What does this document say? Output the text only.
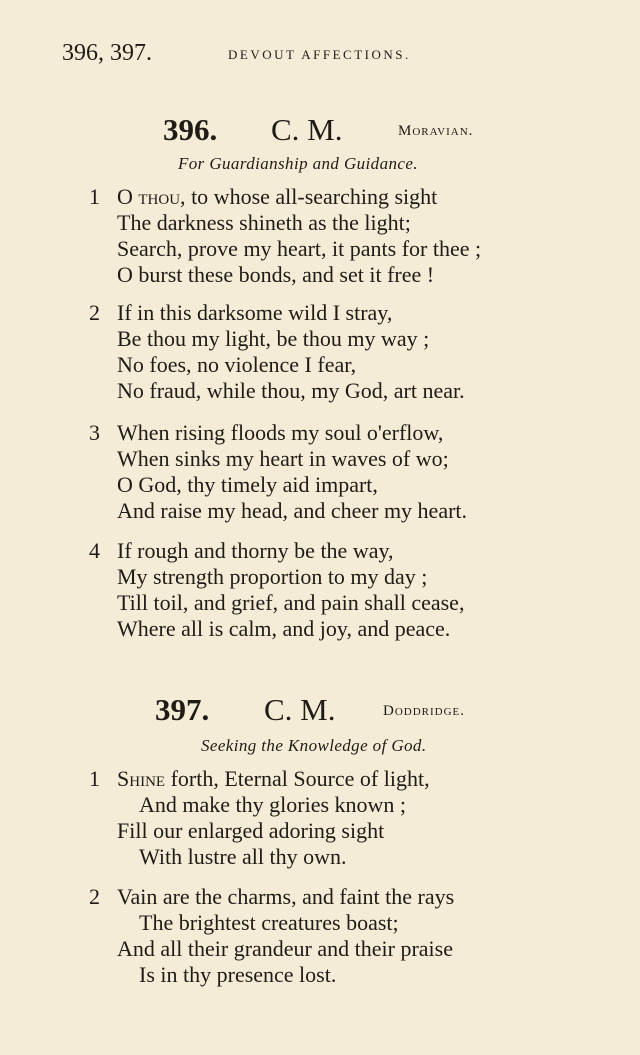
396, 397.	DEVOUT AFFECTIONS.
396. C. M.	Moravian.
For Guardianship and Guidance.
1 O thou, to whose all-searching sight
The darkness shineth as the light;
Search, prove my heart, it pants for thee ;
O burst these bonds, and set it free !
2 If in this darksome wild I stray,
Be thou my light, be thou my way ;
No foes, no violence I fear,
No fraud, while thou, my God, art near.
3 When rising floods my soul o'erflow,
When sinks my heart in waves of wo;
O God, thy timely aid impart,
And raise my head, and cheer my heart.
4 If rough and thorny be the way,
My strength proportion to my day ;
Till toil, and grief, and pain shall cease,
Where all is calm, and joy, and peace.
397. C. M.	Doddridge.
Seeking the Knowledge of God.
1 Shine forth, Eternal Source of light,
And make thy glories known ;
Fill our enlarged adoring sight
With lustre all thy own.
2 Vain are the charms, and faint the rays
The brightest creatures boast;
And all their grandeur and their praise
Is in thy presence lost.
